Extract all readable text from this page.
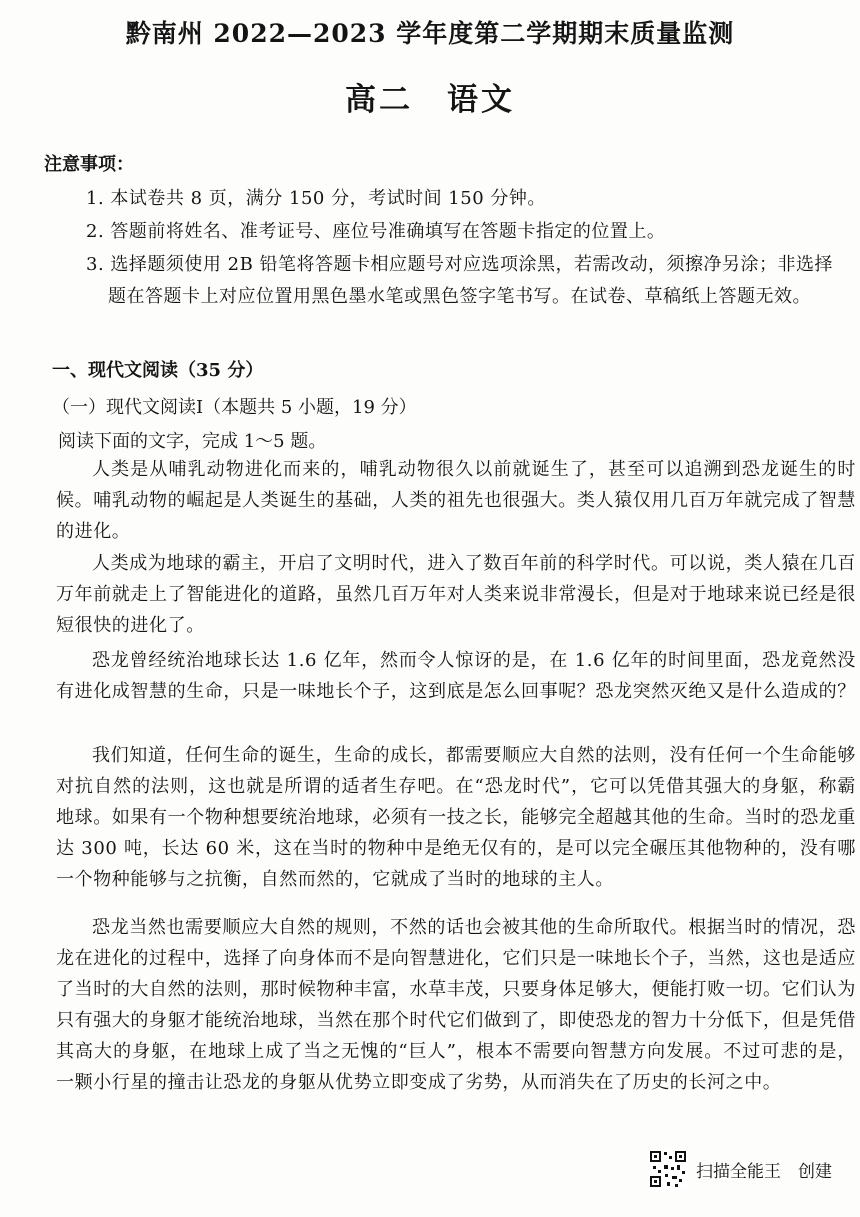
黔南州 2022—2023 学年度第二学期期末质量监测
高二　语文
注意事项：
1. 本试卷共 8 页，满分 150 分，考试时间 150 分钟。
2. 答题前将姓名、准考证号、座位号准确填写在答题卡指定的位置上。
3. 选择题须使用 2B 铅笔将答题卡相应题号对应选项涂黑，若需改动，须擦净另涂；非选择
题在答题卡上对应位置用黑色墨水笔或黑色签字笔书写。在试卷、草稿纸上答题无效。
一、现代文阅读（35 分）
（一）现代文阅读Ⅰ（本题共 5 小题，19 分）
阅读下面的文字，完成 1～5 题。
人类是从哺乳动物进化而来的，哺乳动物很久以前就诞生了，甚至可以追溯到恐龙诞生的时候。哺乳动物的崛起是人类诞生的基础，人类的祖先也很强大。类人猿仅用几百万年就完成了智慧的进化。
人类成为地球的霸主，开启了文明时代，进入了数百年前的科学时代。可以说，类人猿在几百万年前就走上了智能进化的道路，虽然几百万年对人类来说非常漫长，但是对于地球来说已经是很短很快的进化了。
恐龙曾经统治地球长达 1.6 亿年，然而令人惊讶的是，在 1.6 亿年的时间里面，恐龙竟然没有进化成智慧的生命，只是一味地长个子，这到底是怎么回事呢？恐龙突然灭绝又是什么造成的？
我们知道，任何生命的诞生，生命的成长，都需要顺应大自然的法则，没有任何一个生命能够对抗自然的法则，这也就是所谓的适者生存吧。在“恐龙时代”，它可以凭借其强大的身躯，称霸地球。如果有一个物种想要统治地球，必须有一技之长，能够完全超越其他的生命。当时的恐龙重达 300 吨，长达 60 米，这在当时的物种中是绝无仅有的，是可以完全碾压其他物种的，没有哪一个物种能够与之抗衡，自然而然的，它就成了当时的地球的主人。
恐龙当然也需要顺应大自然的规则，不然的话也会被其他的生命所取代。根据当时的情况，恐龙在进化的过程中，选择了向身体而不是向智慧进化，它们只是一味地长个子，当然，这也是适应了当时的大自然的法则，那时候物种丰富，水草丰茂，只要身体足够大，便能打败一切。它们认为只有强大的身躯才能统治地球，当然在那个时代它们做到了，即使恐龙的智力十分低下，但是凭借其高大的身躯，在地球上成了当之无愧的“巨人”，根本不需要向智慧方向发展。不过可悲的是，一颗小行星的撞击让恐龙的身躯从优势立即变成了劣势，从而消失在了历史的长河之中。
扫描全能王　创建
